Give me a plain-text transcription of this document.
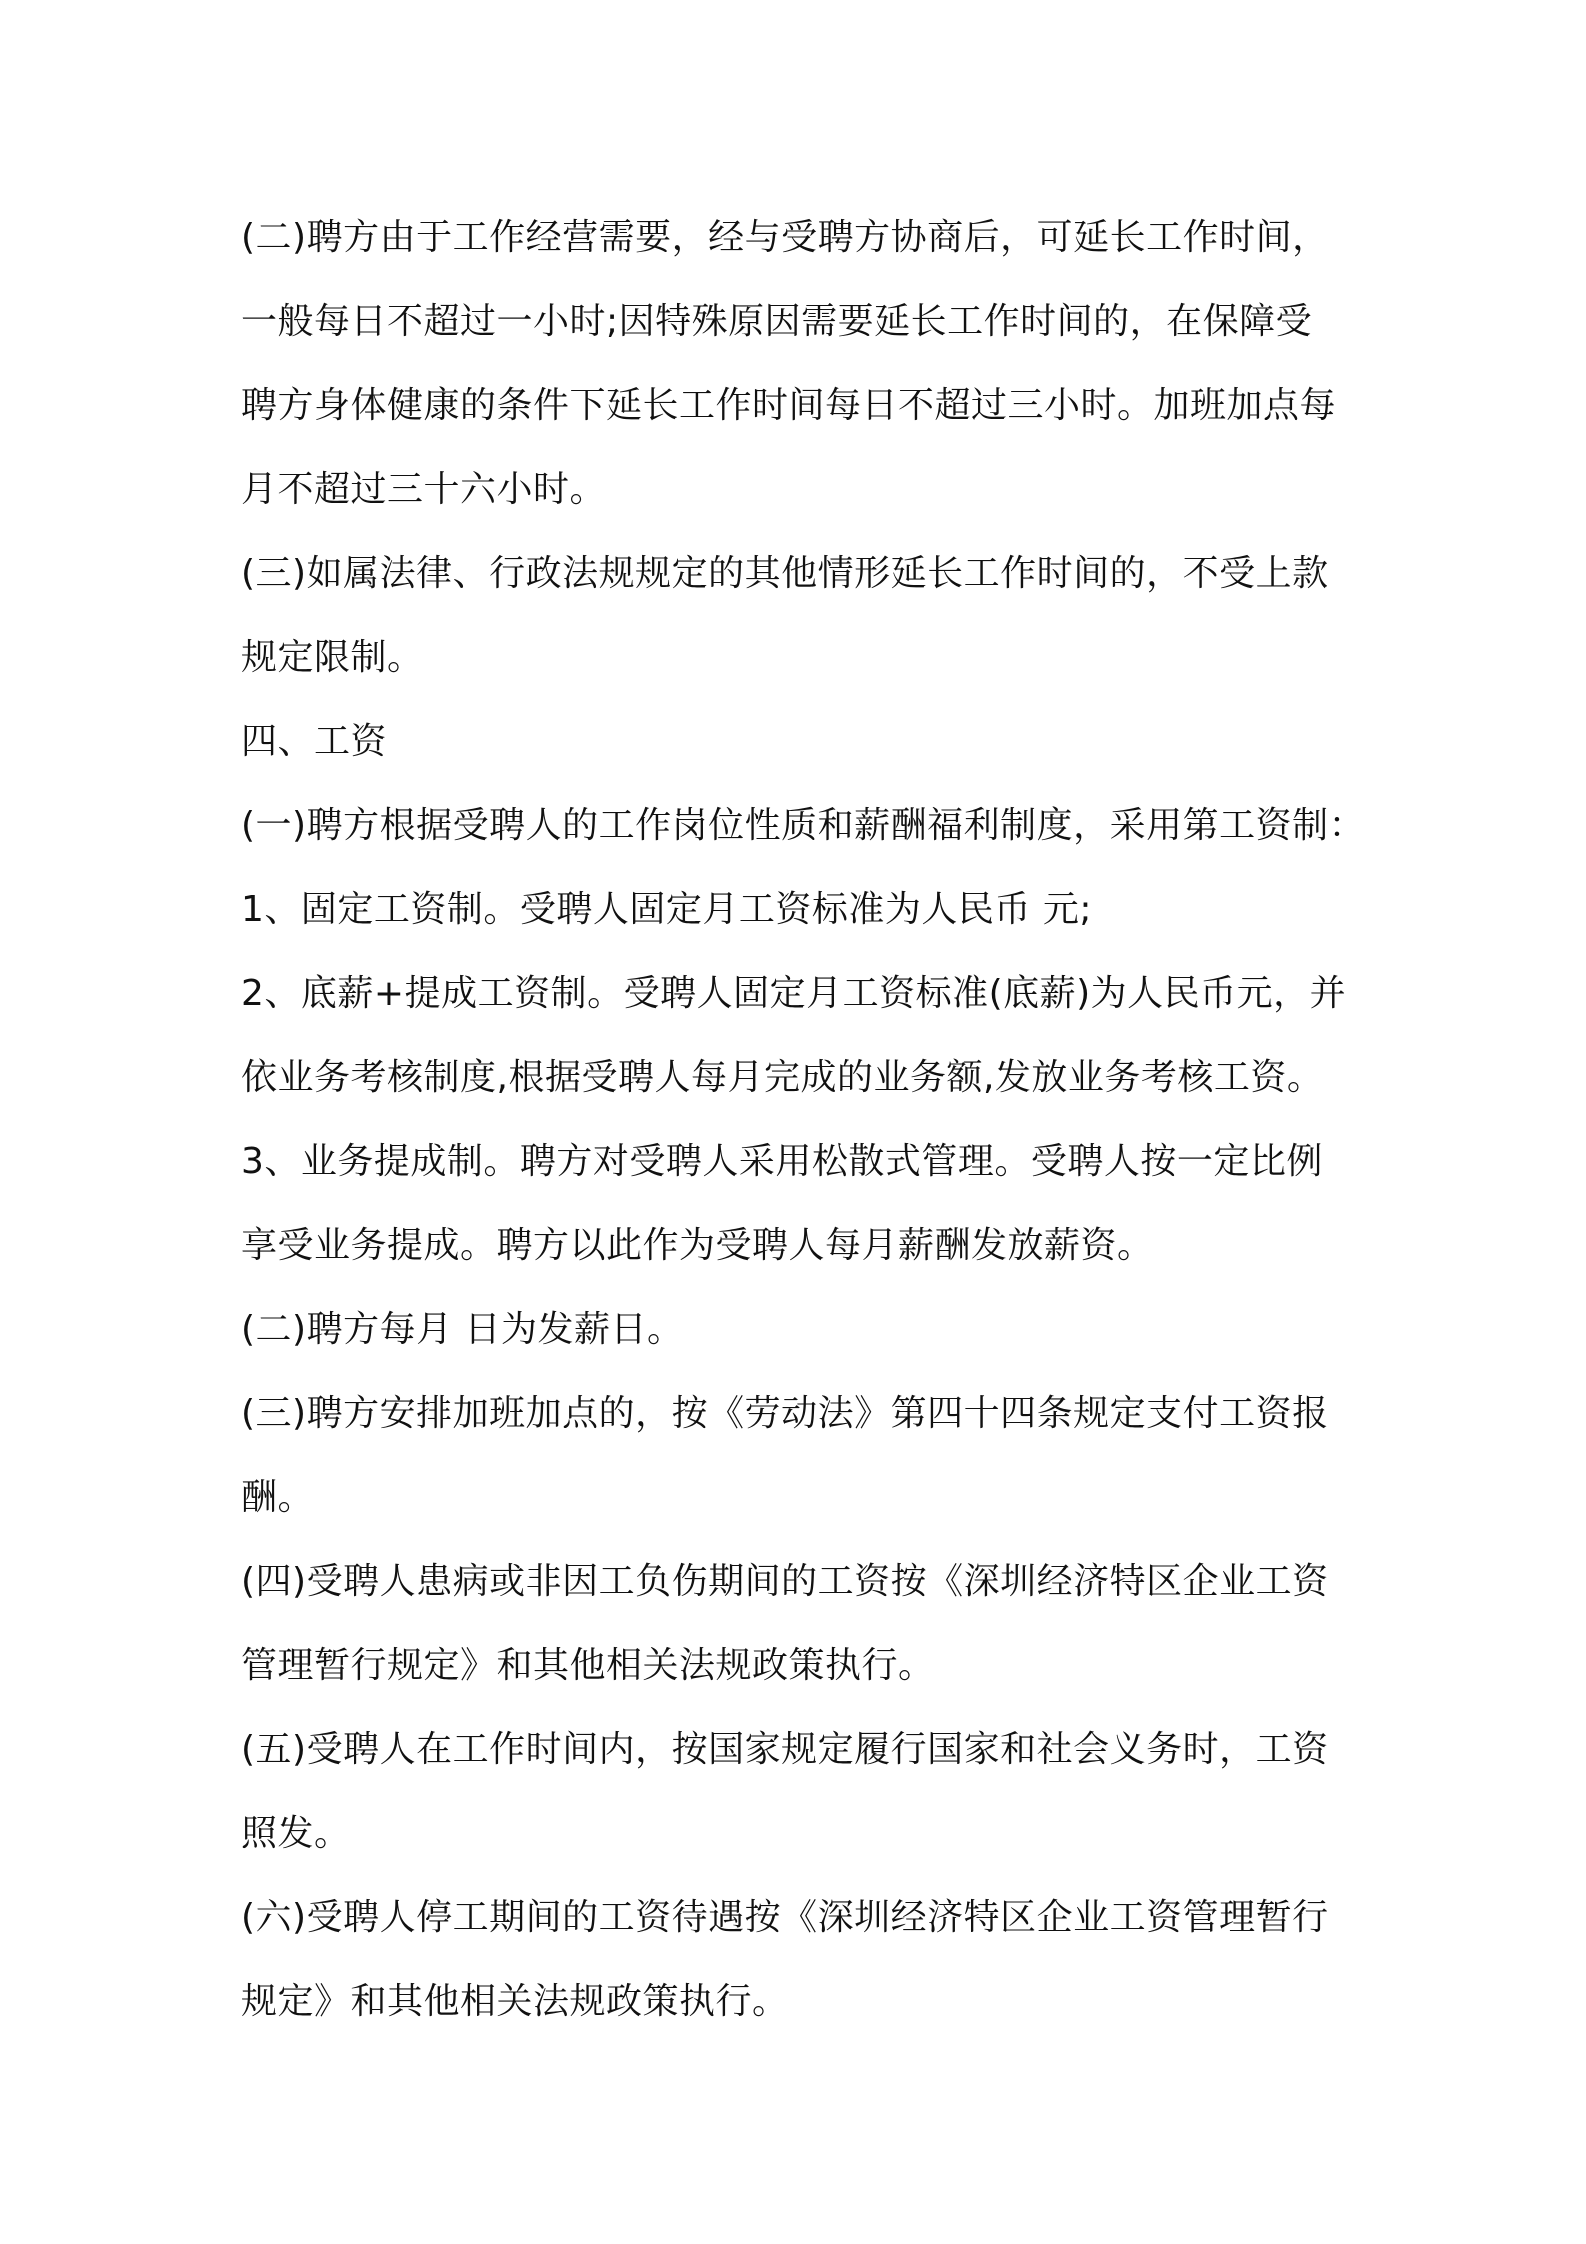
(二)聘方由于工作经营需要，经与受聘方协商后，可延长工作时间，

一般每日不超过一小时;因特殊原因需要延长工作时间的，在保障受

聘方身体健康的条件下延长工作时间每日不超过三小时。加班加点每

月不超过三十六小时。

(三)如属法律、行政法规规定的其他情形延长工作时间的，不受上款

规定限制。

四、工资

(一)聘方根据受聘人的工作岗位性质和薪酬福利制度，采用第工资制：

1、固定工资制。受聘人固定月工资标准为人民币 元;

2、底薪+提成工资制。受聘人固定月工资标准(底薪)为人民币元，并

依业务考核制度,根据受聘人每月完成的业务额,发放业务考核工资。

3、业务提成制。聘方对受聘人采用松散式管理。受聘人按一定比例

享受业务提成。聘方以此作为受聘人每月薪酬发放薪资。

(二)聘方每月 日为发薪日。

(三)聘方安排加班加点的，按《劳动法》第四十四条规定支付工资报

酬。

(四)受聘人患病或非因工负伤期间的工资按《深圳经济特区企业工资

管理暂行规定》和其他相关法规政策执行。

(五)受聘人在工作时间内，按国家规定履行国家和社会义务时，工资

照发。

(六)受聘人停工期间的工资待遇按《深圳经济特区企业工资管理暂行

规定》和其他相关法规政策执行。
